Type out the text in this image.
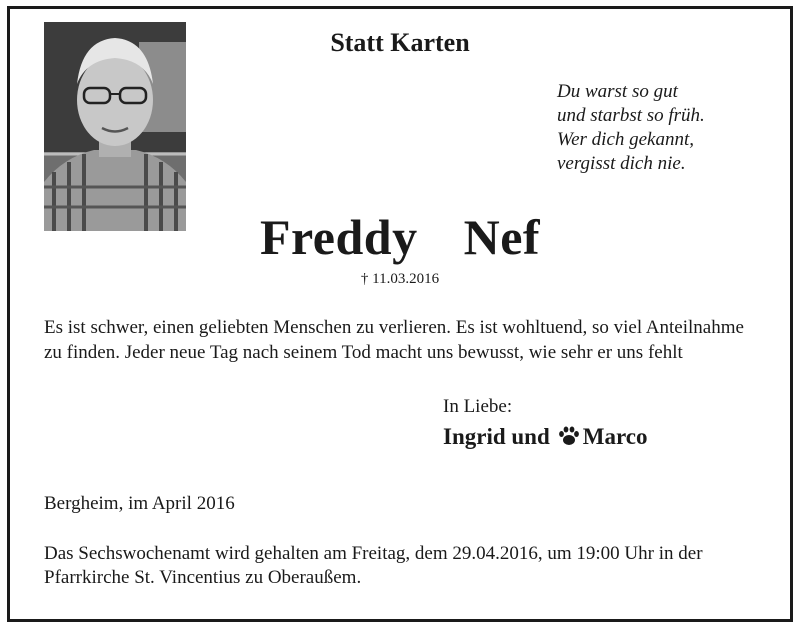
Statt Karten
Du warst so gut
und starbst so früh.
Wer dich gekannt,
vergisst dich nie.
Freddy  Nef
† 11.03.2016
Es ist schwer, einen geliebten Menschen zu verlieren. Es ist wohltuend, so viel Anteilnahme zu finden. Jeder neue Tag nach seinem Tod macht uns bewusst, wie sehr er uns fehlt
In Liebe:
Ingrid und Marco
Bergheim, im April 2016
Das Sechswochenamt wird gehalten am Freitag, dem 29.04.2016, um 19:00 Uhr in der Pfarrkirche St. Vincentius zu Oberaußem.
